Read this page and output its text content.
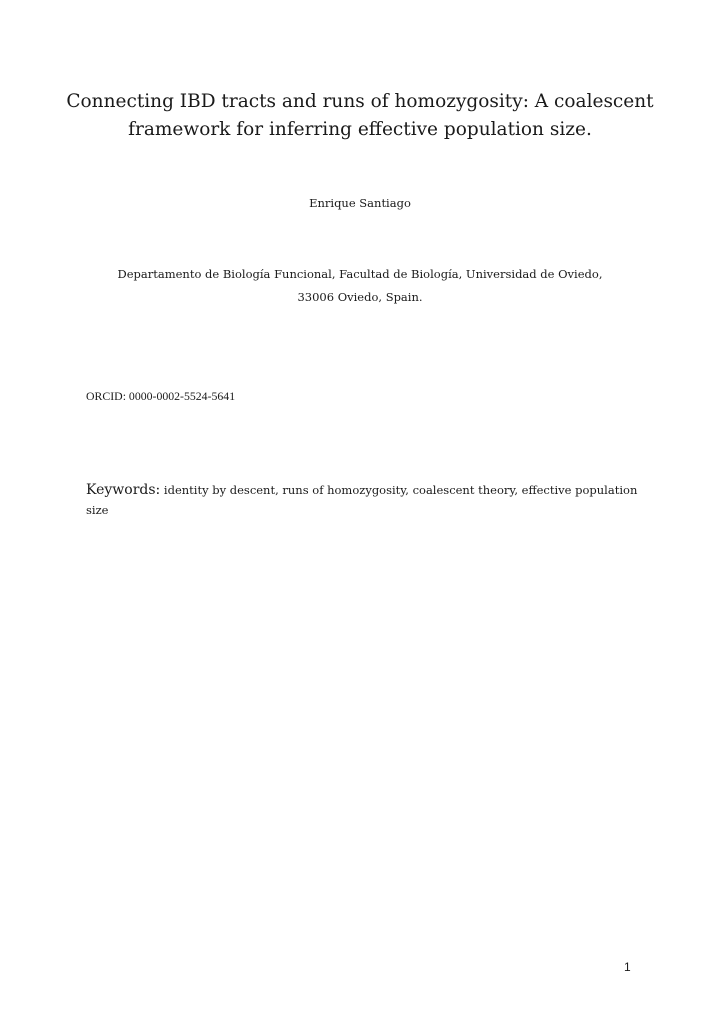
Connecting IBD tracts and runs of homozygosity: A coalescent
framework for inferring effective population size.
Enrique Santiago
Departamento de Biología Funcional, Facultad de Biología, Universidad de Oviedo,
33006 Oviedo, Spain.
ORCID: 0000-0002-5524-5641
Keywords: identity by descent, runs of homozygosity, coalescent theory, effective population size
1
